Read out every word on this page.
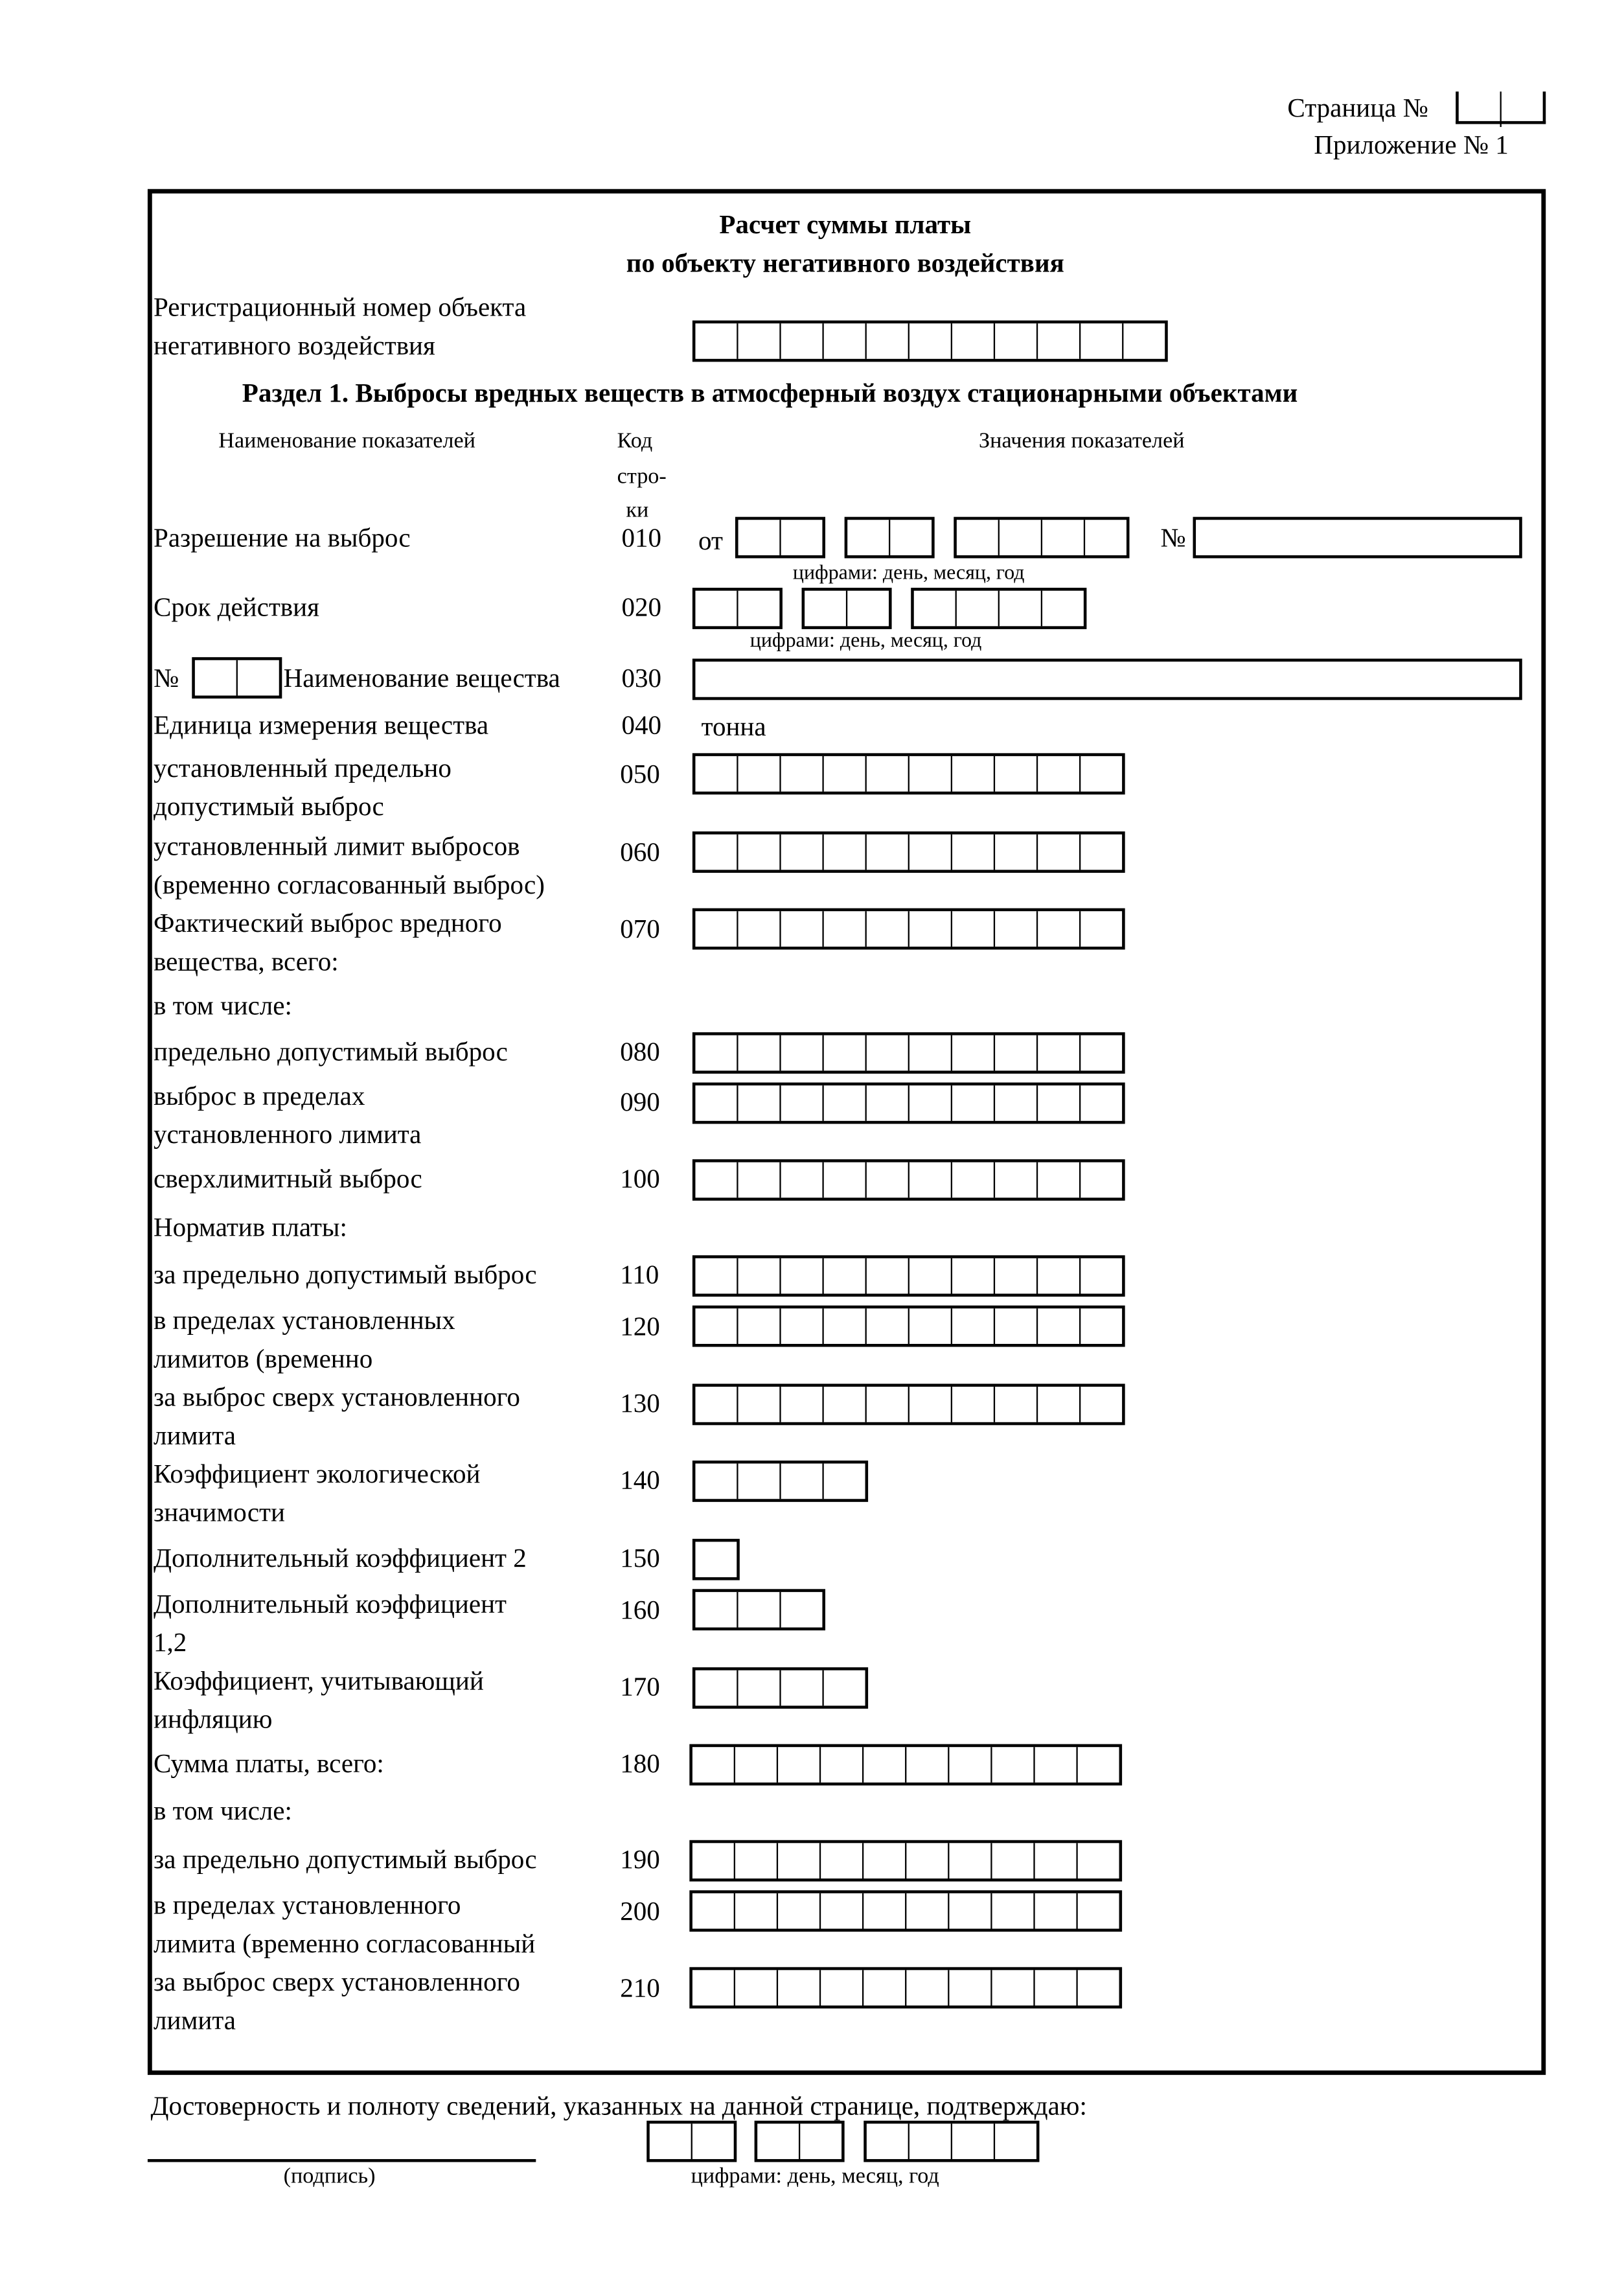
Страница №
Приложение № 1
Расчет суммы платы
по объекту негативного воздействия
Регистрационный номер объекта
негативного воздействия
Раздел 1. Выбросы вредных веществ в атмосферный воздух стационарными объектами
Наименование показателей	Код
стро-
ки
Значения показателей
Разрешение на выброс	010	от	№
цифрами: день, месяц, год
Срок действия	020
цифрами: день, месяц, год
№	Наименование вещества	030
Единица измерения вещества	040	тонна
установленный предельно
допустимый выброс
050
установленный лимит выбросов
(временно согласованный выброс)
060
Фактический выброс вредного
вещества, всего:
070
предельно допустимый выброс	080
выброс в пределах
установленного лимита
090
сверхлимитный выброс	100
за предельно допустимый выброс	110
в пределах установленных
лимитов (временно
120
за выброс сверх установленного
лимита
130
Коэффициент экологической
значимости
140
Дополнительный коэффициент 2	150
Дополнительный коэффициент
1,2
160
Коэффициент, учитывающий
инфляцию
170
Сумма платы, всего:	180
за предельно допустимый выброс	190
в пределах установленного
лимита (временно согласованный
200
за выброс сверх установленного
лимита
210
в том числе:
Норматив платы:
в том числе:
Достоверность и полноту сведений, указанных на данной странице, подтверждаю:
(подпись)	цифрами: день, месяц, год
